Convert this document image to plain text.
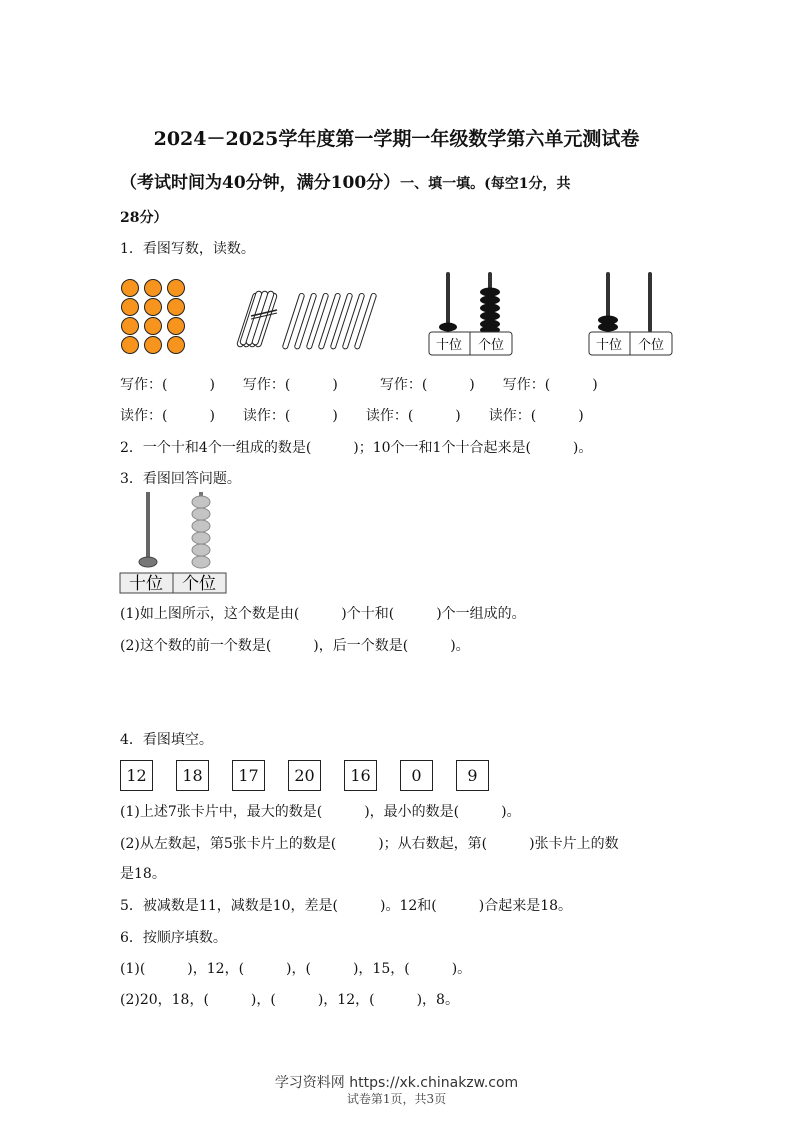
2024－2025学年度第一学期一年级数学第六单元测试卷
（考试时间为40分钟，满分100分）一、填一填。(每空1分，共
28分）
1．看图写数，读数。
十位 个位	十位 个位
写作：(　　　)　　写作：(　　　)　　　写作：(　　　)　　写作：(　　　)
读作：(　　　)　　读作：(　　　)　　读作：(　　　)　　读作：(　　　)
2．一个十和4个一组成的数是(　　　)；10个一和1个十合起来是(　　　)。
3．看图回答问题。
十位 个位
(1)如上图所示，这个数是由(　　　)个十和(　　　)个一组成的。
(2)这个数的前一个数是(　　　)，后一个数是(　　　)。
4．看图填空。
12	18	17	20	16	0	9
(1)上述7张卡片中，最大的数是(　　　)，最小的数是(　　　)。
(2)从左数起，第5张卡片上的数是(　　　)；从右数起，第(　　　)张卡片上的数
是18。
5．被减数是11，减数是10，差是(　　　)。12和(　　　)合起来是18。
6．按顺序填数。
(1)(　　　)，12，(　　　)，(　　　)，15，(　　　)。
(2)20，18，(　　　)，(　　　)，12，(　　　)，8。
学习资料网 https://xk.chinakzw.com
试卷第1页，共3页
